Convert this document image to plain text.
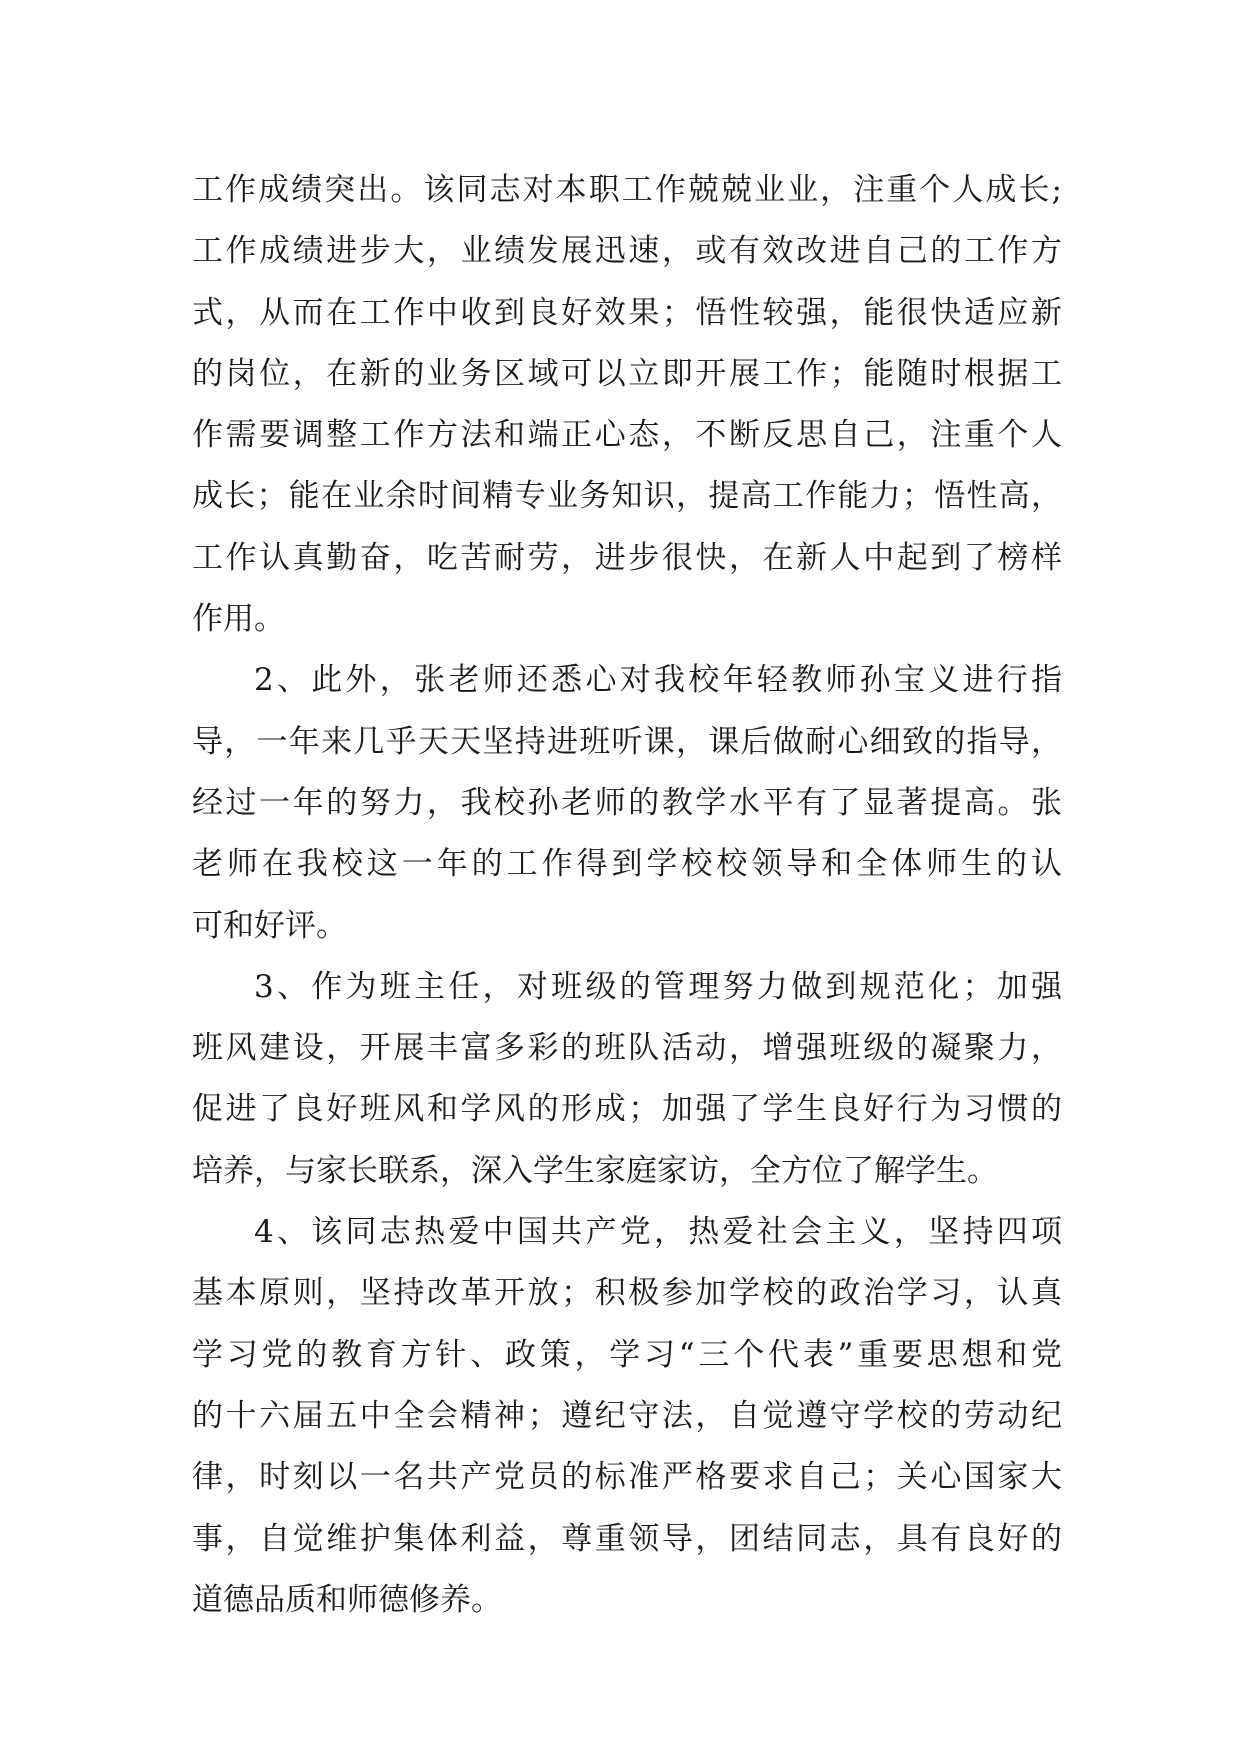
工作成绩突出。该同志对本职工作兢兢业业，注重个人成长;
工作成绩进步大，业绩发展迅速，或有效改进自己的工作方
式，从而在工作中收到良好效果；悟性较强，能很快适应新
的岗位，在新的业务区域可以立即开展工作；能随时根据工
作需要调整工作方法和端正心态，不断反思自己，注重个人
成长；能在业余时间精专业务知识，提高工作能力；悟性高，
工作认真勤奋，吃苦耐劳，进步很快，在新人中起到了榜样
作用。
2、此外，张老师还悉心对我校年轻教师孙宝义进行指
导，一年来几乎天天坚持进班听课，课后做耐心细致的指导，
经过一年的努力，我校孙老师的教学水平有了显著提高。张
老师在我校这一年的工作得到学校校领导和全体师生的认
可和好评。
3、作为班主任，对班级的管理努力做到规范化；加强
班风建设，开展丰富多彩的班队活动，增强班级的凝聚力，
促进了良好班风和学风的形成；加强了学生良好行为习惯的
培养，与家长联系，深入学生家庭家访，全方位了解学生。
4、该同志热爱中国共产党，热爱社会主义，坚持四项
基本原则，坚持改革开放；积极参加学校的政治学习，认真
学习党的教育方针、政策，学习“三个代表”重要思想和党
的十六届五中全会精神；遵纪守法，自觉遵守学校的劳动纪
律，时刻以一名共产党员的标准严格要求自己；关心国家大
事，自觉维护集体利益，尊重领导，团结同志，具有良好的
道德品质和师德修养。
